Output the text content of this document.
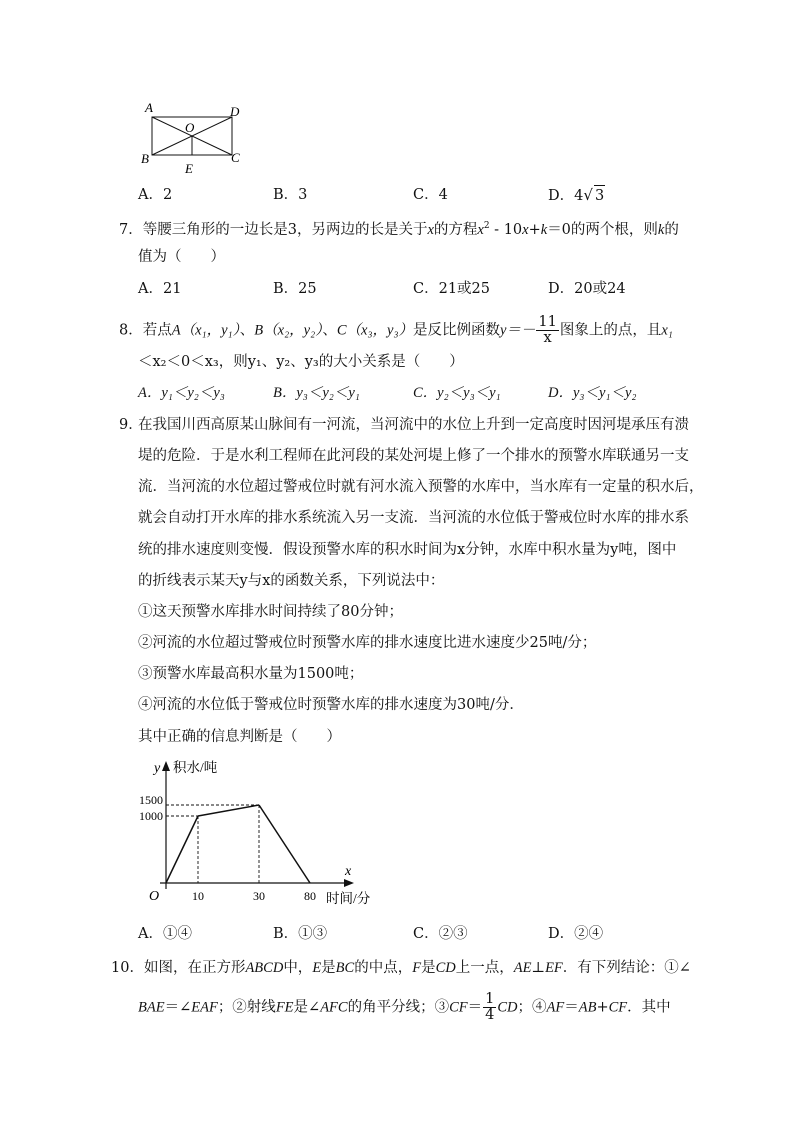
A	D
O
B	C
E
A．2	B．3	C．4	D．4√ 3
7．等腰三角形的一边长是3，另两边的长是关于x的方程$x^2 - 10x+k=0$的两个根，则k的
值为（　　）
A．21	B．25	C．21或25	D．20或24
8．若点A（x₁，y₁）、B（x₂，y₂）、C（x₃，y₃）是反比例函数$y=- \frac{11}{x}$ 图象上的点，且x₁
＜x₂＜0＜x₃，则y₁、y₂、y₃的大小关系是（　　）
A．y₁＜y₂＜y₃	B．y₃＜y₂＜y₁	C．y₂＜y₃＜y₁	D．y₃＜y₁＜y₂
9．
在我国川西高原某山脉间有一河流，当河流中的水位上升到一定高度时因河堤承压有溃
堤的危险．于是水利工程师在此河段的某处河堤上修了一个排水的预警水库联通另一支
流．当河流的水位超过警戒位时就有河水流入预警的水库中，当水库有一定量的积水后，
就会自动打开水库的排水系统流入另一支流．当河流的水位低于警戒位时水库的排水系
统的排水速度则变慢．假设预警水库的积水时间为x分钟，水库中积水量为y吨，图中
的折线表示某天y与x的函数关系，下列说法中：
①这天预警水库排水时间持续了80分钟；
②河流的水位超过警戒位时预警水库的排水速度比进水速度少25吨/分；
③预警水库最高积水量为1500吨；
④河流的水位低于警戒位时预警水库的排水速度为30吨/分．
其中正确的信息判断是（　　）
y 积水/吨
x
时间/分
O	10	30	80
1500
1000
A．①④	B．①③	C．②③	D．②④
10．如图，在正方形ABCD中，E是BC的中点，F是CD上一点，AE⊥EF．有下列结论：①∠
BAE＝∠EAF；②射线FE是∠AFC的角平分线；③CF＝ $\frac{1}{4}$ CD；④AF＝AB+CF．其中
